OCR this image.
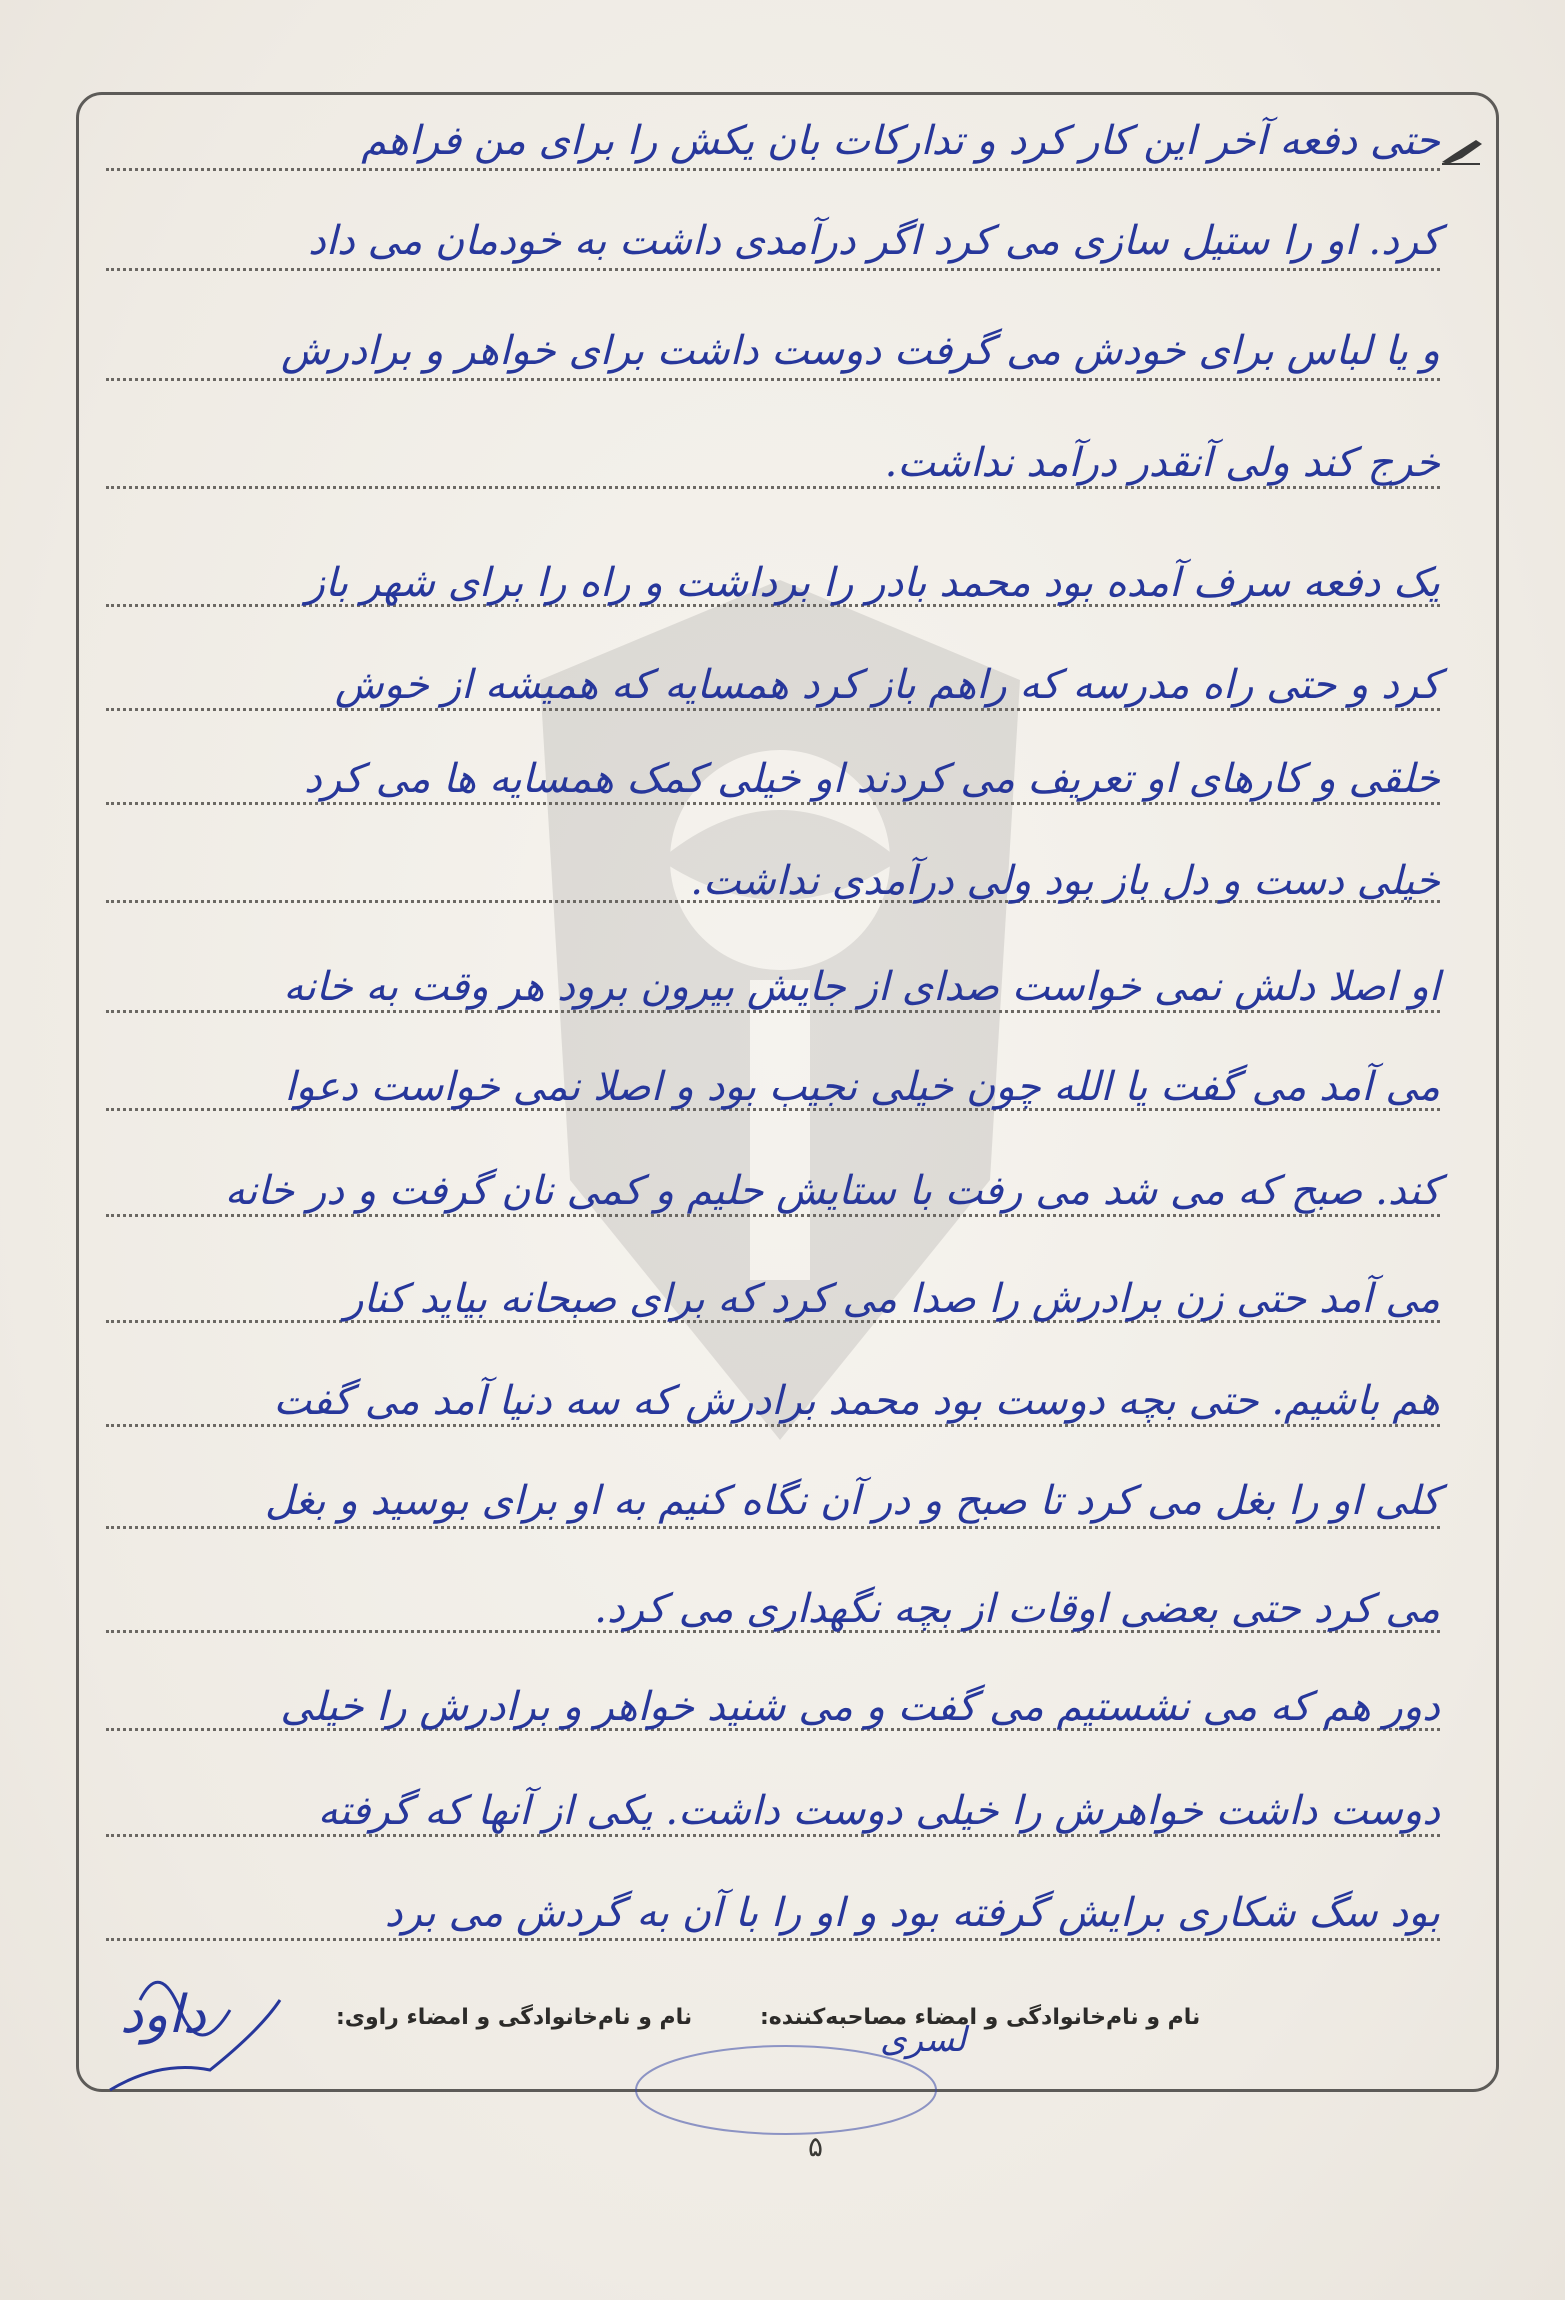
حتی دفعه آخر این کار کرد و تدارکات بان یکش را برای من فراهم
کرد. او را ستیل سازی می کرد اگر درآمدی داشت به خودمان می داد
و یا لباس برای خودش می گرفت دوست داشت برای خواهر و برادرش
خرج کند ولی آنقدر درآمد نداشت.
یک دفعه سرف آمده بود محمد بادر را برداشت و راه را برای شهر باز
کرد و حتی راه مدرسه که راهم باز کرد همسایه که همیشه از خوش
خلقی و کارهای او تعریف می کردند او خیلی کمک همسایه ها می کرد
خیلی دست و دل باز بود ولی درآمدی نداشت.
او اصلا دلش نمی خواست صدای از جایش بیرون برود هر وقت به خانه
می آمد می گفت یا الله چون خیلی نجیب بود و اصلا نمی خواست دعوا
کند. صبح که می شد می رفت با ستایش حلیم و کمی نان گرفت و در خانه
می آمد حتی زن برادرش را صدا می کرد که برای صبحانه بیاید کنار
هم باشیم. حتی بچه دوست بود محمد برادرش که سه دنیا آمد می گفت
کلی او را بغل می کرد تا صبح و در آن نگاه کنیم به او برای بوسید و بغل
می کرد حتی بعضی اوقات از بچه نگهداری می کرد.
دور هم که می نشستیم می گفت و می شنید خواهر و برادرش را خیلی
دوست داشت خواهرش را خیلی دوست داشت. یکی از آنها که گرفته
بود سگ شکاری برایش گرفته بود و او را با آن به گردش می برد
نام و نام‌خانوادگی و امضاء مصاحبه‌کننده:
نام و نام‌خانوادگی و امضاء راوی:
لسری
داود
۵
